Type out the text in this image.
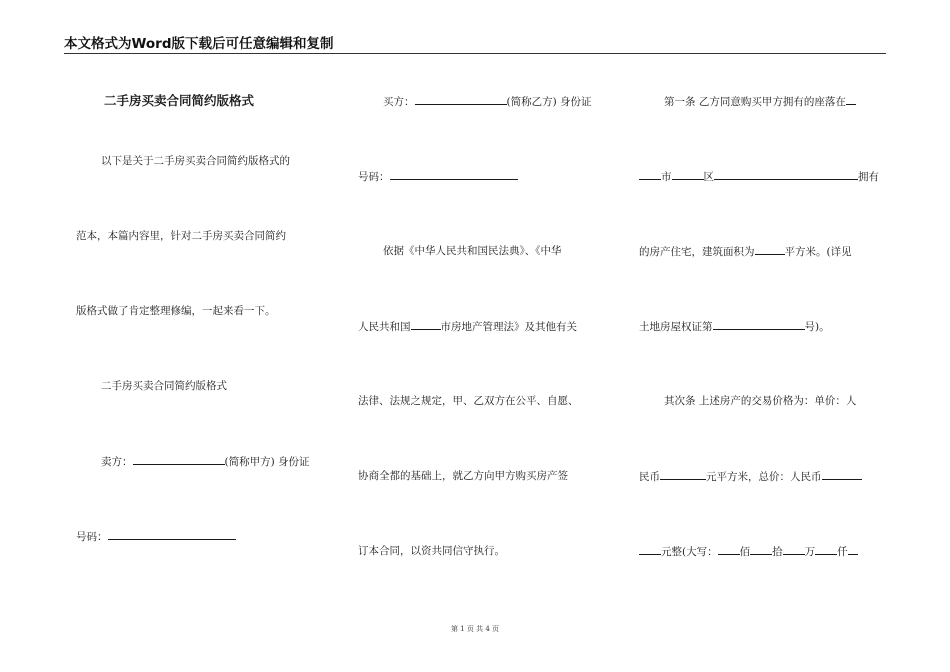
本文格式为Word版下载后可任意编辑和复制
二手房买卖合同简约版格式
以下是关于二手房买卖合同简约版格式的
范本，本篇内容里，针对二手房买卖合同简约
版格式做了肯定整理修编，一起来看一下。
二手房买卖合同简约版格式
卖方：	(简称甲方) 身份证
号码：
买方：	(简称乙方) 身份证
号码：
依据《中华人民共和国民法典》、《中华
人民共和国	市房地产管理法》及其他有关
法律、法规之规定，甲、乙双方在公平、自愿、
协商全都的基础上，就乙方向甲方购买房产签
订本合同，以资共同信守执行。
第一条 乙方同意购买甲方拥有的座落在
市	区	拥有
的房产住宅，建筑面积为	平方米。(详见
土地房屋权证第	号)。
其次条 上述房产的交易价格为：单价：人
民币	元平方米，总价：人民币
元整(大写： 佰 拾 万 仟
第 1 页 共 4 页
